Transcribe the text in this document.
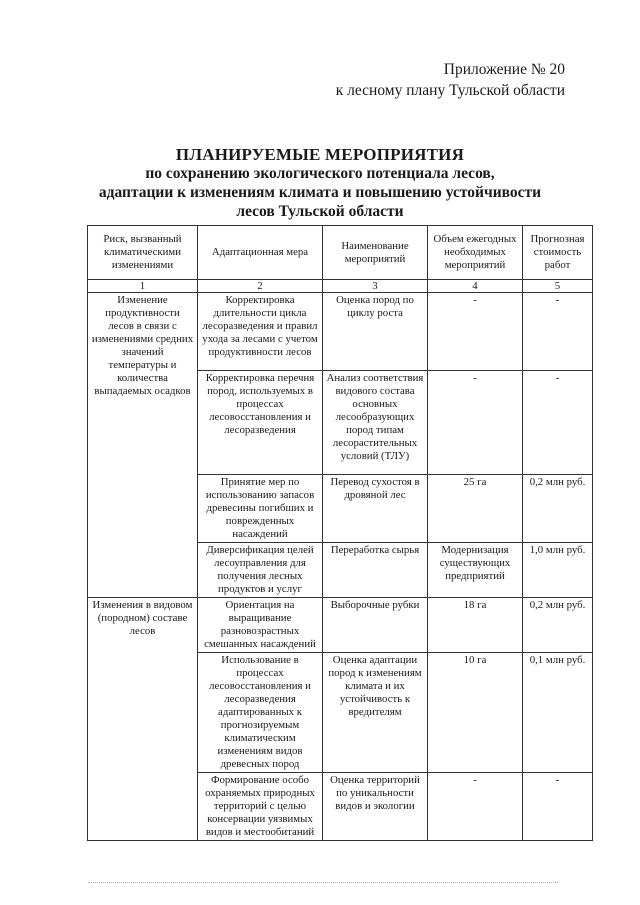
Приложение № 20
к лесному плану Тульской области
ПЛАНИРУЕМЫЕ МЕРОПРИЯТИЯ
по сохранению экологического потенциала лесов,
адаптации к изменениям климата и повышению устойчивости
лесов Тульской области
Риск, вызванный климатическими изменениями	Адаптационная мера	Наименование мероприятий	Объем ежегодных необходимых мероприятий	Прогнозная стоимость работ
1	2	3	4	5
Изменение продуктивности лесов в связи с изменениями средних значений температуры и количества выпадаемых осадков	Корректировка длительности цикла лесоразведения и правил ухода за лесами с учетом продуктивности лесов	Оценка пород по циклу роста	-	-
	Корректировка перечня пород, используемых в процессах лесовосстановления и лесоразведения	Анализ соответствия видового состава основных лесообразующих пород типам лесорастительных условий (ТЛУ)	-	-
	Принятие мер по использованию запасов древесины погибших и поврежденных насаждений	Перевод сухостоя в дровяной лес	25 га	0,2 млн руб.
	Диверсификация целей лесоуправления для получения лесных продуктов и услуг	Переработка сырья	Модернизация существующих предприятий	1,0 млн руб.
Изменения в видовом (породном) составе лесов	Ориентация на выращивание разновозрастных смешанных насаждений	Выборочные рубки	18 га	0,2 млн руб.
	Использование в процессах лесовосстановления и лесоразведения адаптированных к прогнозируемым климатическим изменениям видов древесных пород	Оценка адаптации пород к изменениям климата и их устойчивость к вредителям	10 га	0,1 млн руб.
	Формирование особо охраняемых природных территорий с целью консервации уязвимых видов и местообитаний	Оценка территорий по уникальности видов и экологии	-	-
